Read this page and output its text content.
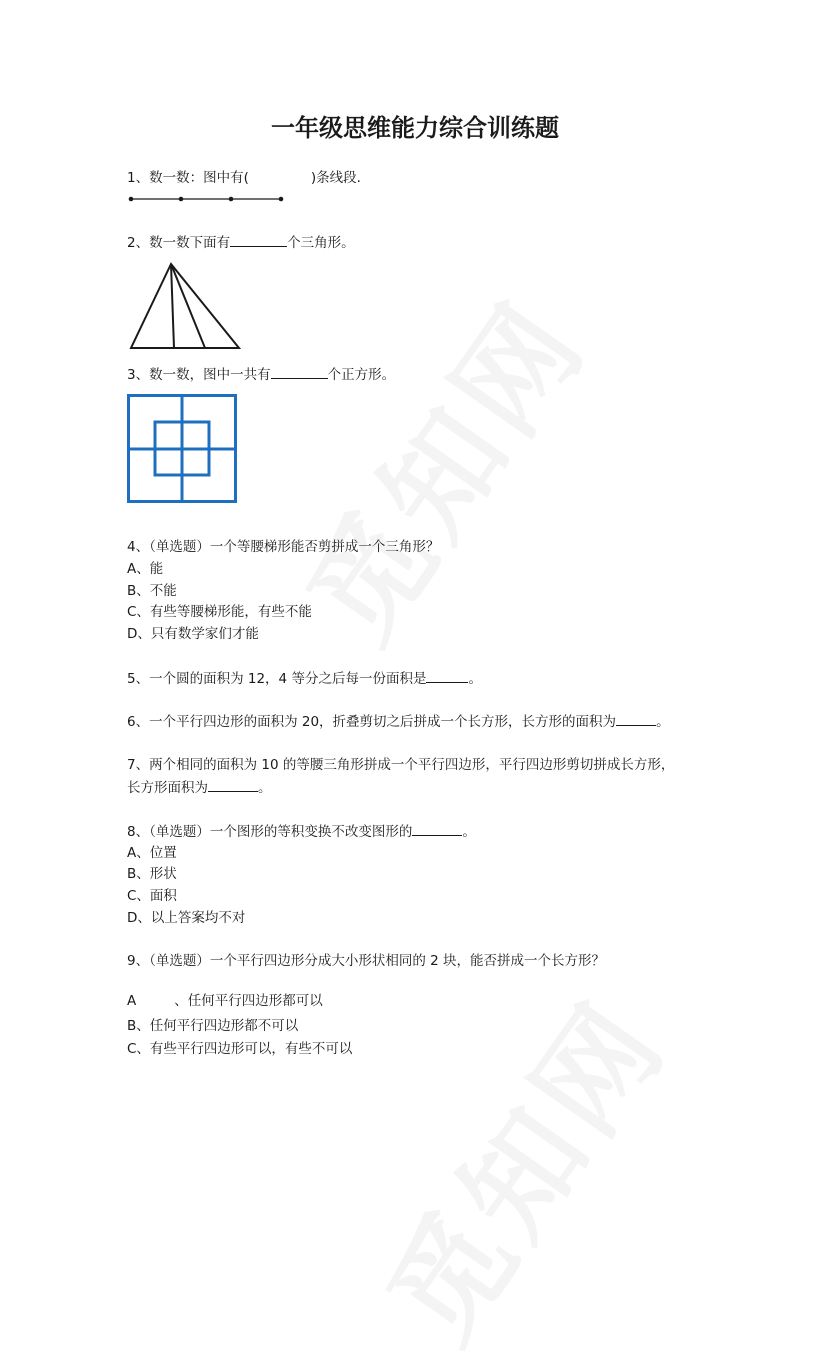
一年级思维能力综合训练题
1、数一数：图中有(	)条线段.
2、数一数下面有	个三角形。
3、数一数，图中一共有	个正方形。
4、（单选题）一个等腰梯形能否剪拼成一个三角形？
A、能
B、不能
C、有些等腰梯形能，有些不能
D、只有数学家们才能
5、一个圆的面积为 12，4 等分之后每一份面积是	。
6、一个平行四边形的面积为 20，折叠剪切之后拼成一个长方形，长方形的面积为	。
7、两个相同的面积为 10 的等腰三角形拼成一个平行四边形，平行四边形剪切拼成长方形，
长方形面积为	。
8、（单选题）一个图形的等积变换不改变图形的	。
A、位置
B、形状
C、面积
D、以上答案均不对
9、（单选题）一个平行四边形分成大小形状相同的 2 块，能否拼成一个长方形？
A	、任何平行四边形都可以
B、任何平行四边形都不可以
C、有些平行四边形可以，有些不可以
